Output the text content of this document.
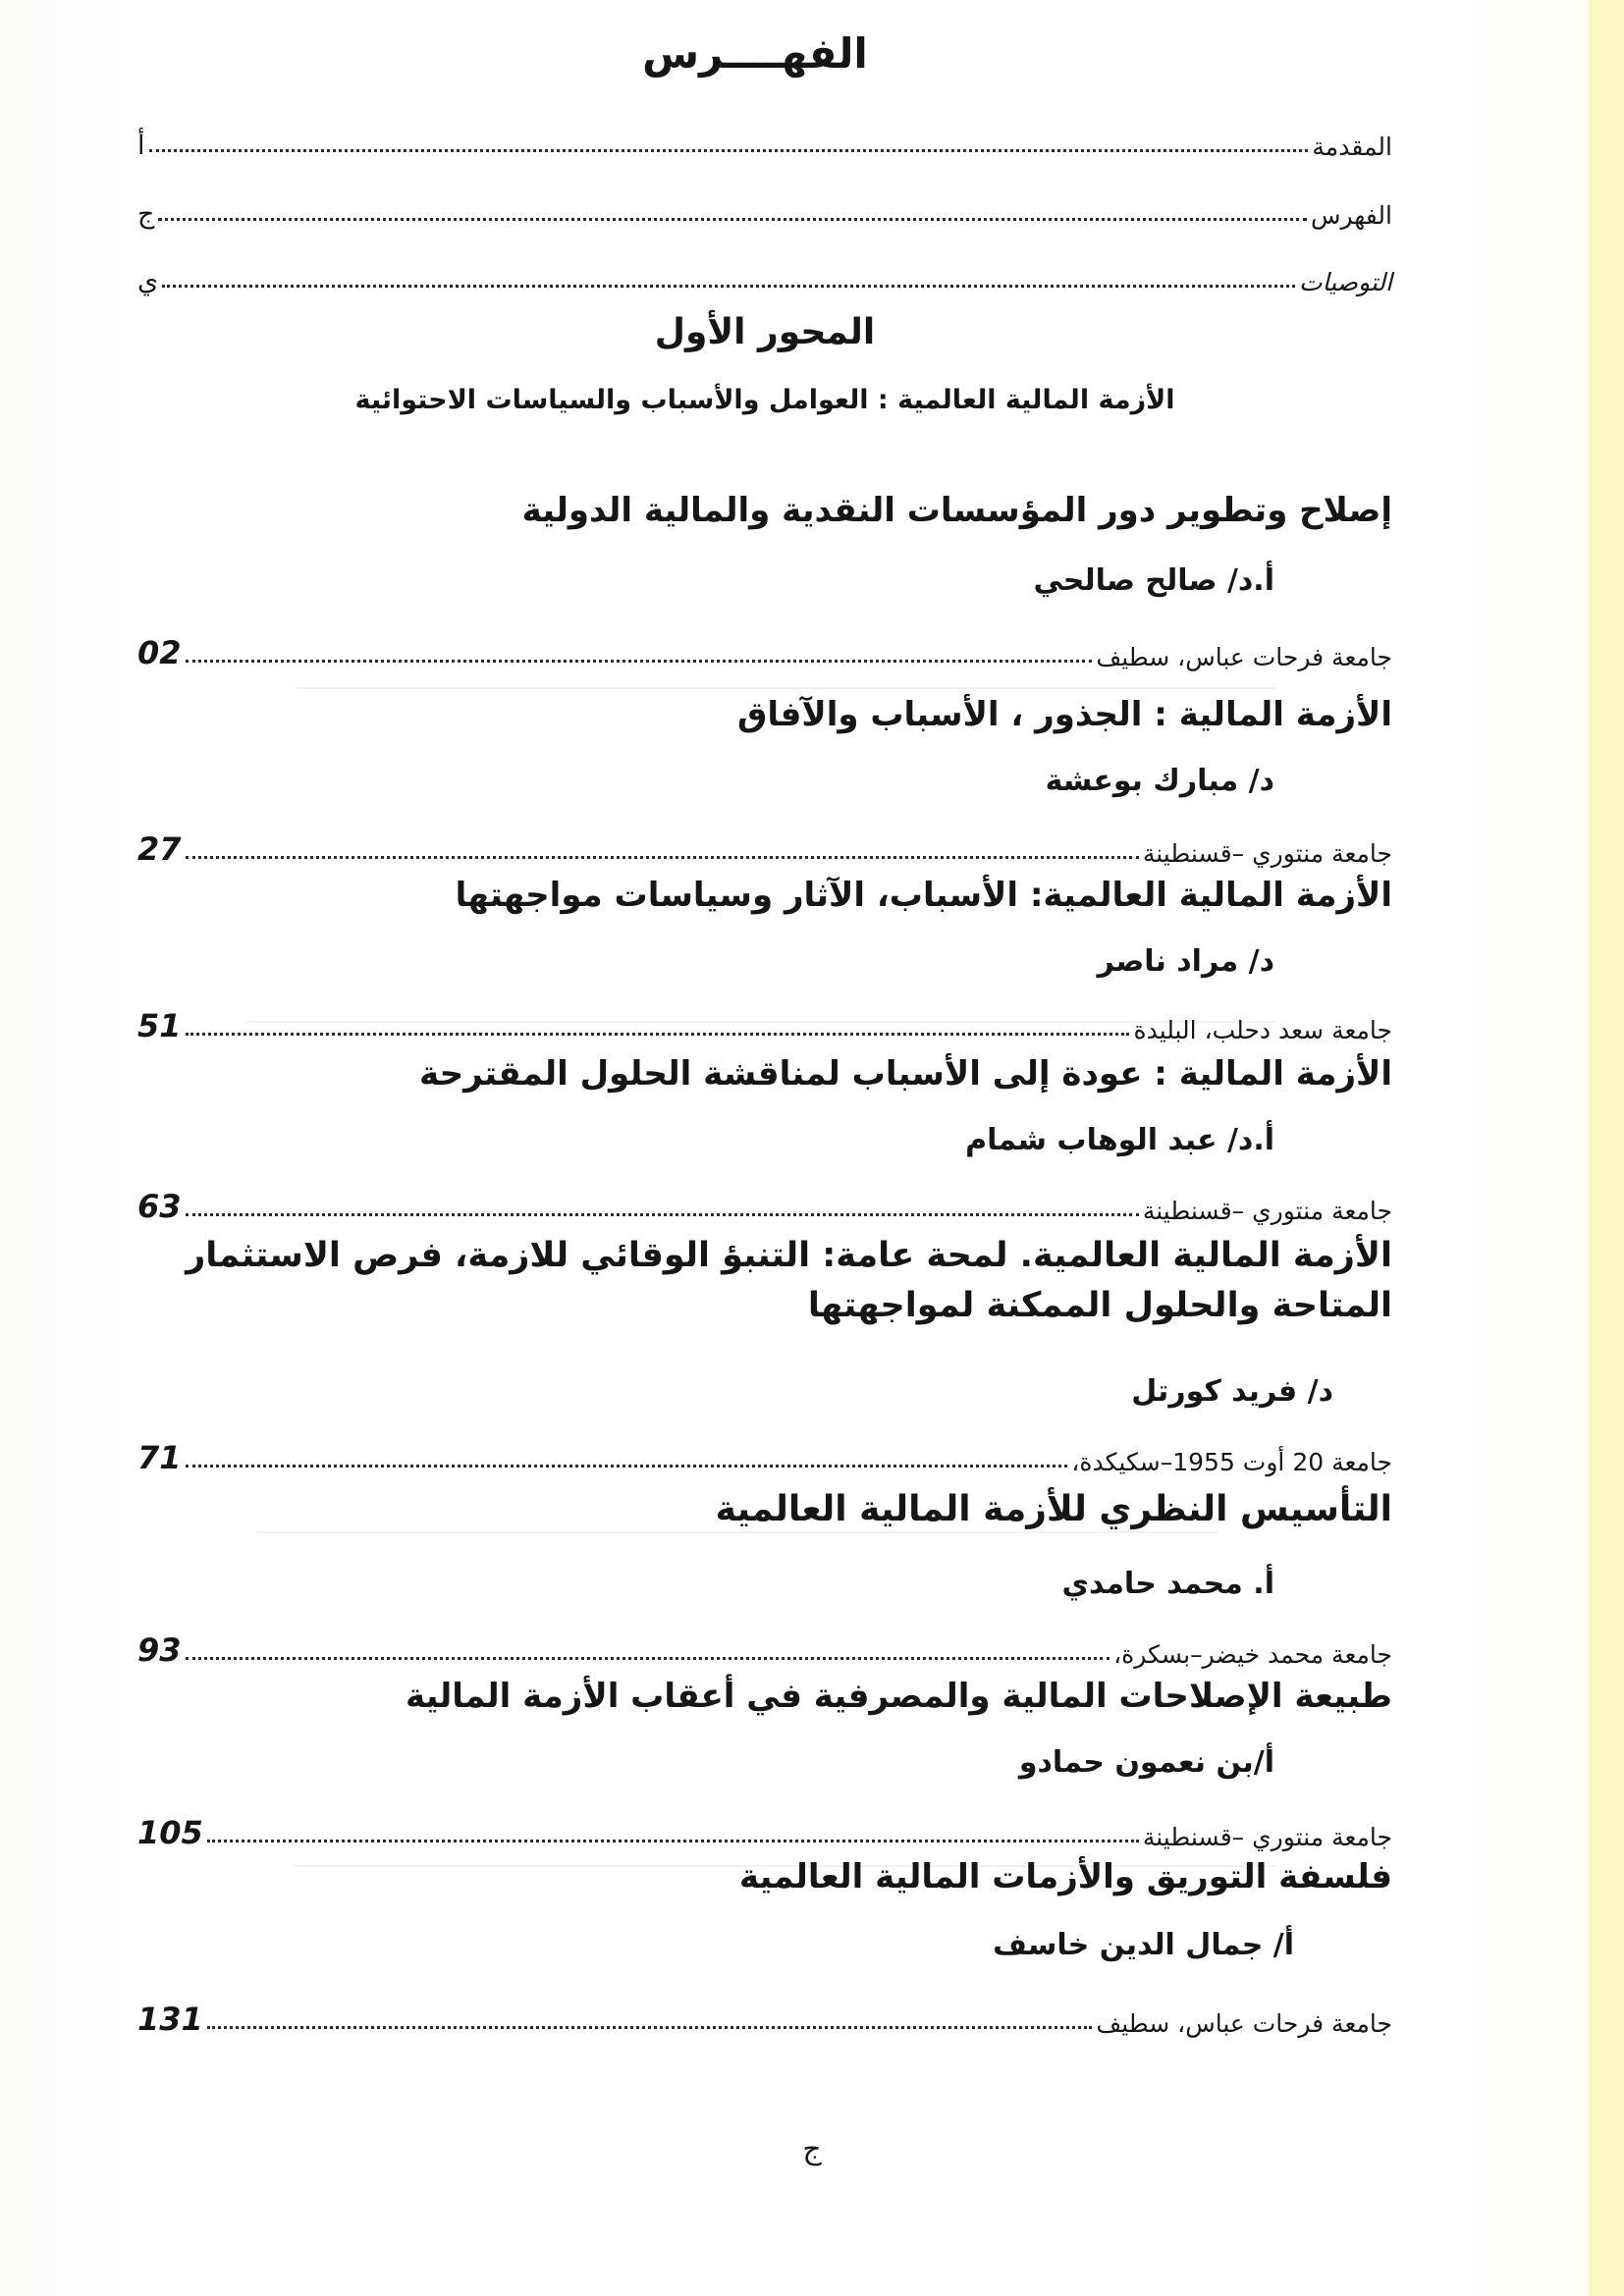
الفهــــرس
المقدمة
أ
الفهرس
ج
التوصيات
ي
المحور الأول
الأزمة المالية العالمية : العوامل والأسباب والسياسات الاحتوائية
إصلاح وتطوير دور المؤسسات النقدية والمالية الدولية
أ.د/ صالح صالحي
جامعة فرحات عباس، سطيف
02
الأزمة المالية : الجذور ، الأسباب والآفاق
د/ مبارك بوعشة
جامعة منتوري –قسنطينة
27
الأزمة المالية العالمية: الأسباب، الآثار وسياسات مواجهتها
د/ مراد ناصر
جامعة سعد دحلب، البليدة
51
الأزمة المالية : عودة إلى الأسباب لمناقشة الحلول المقترحة
أ.د/ عبد الوهاب شمام
جامعة منتوري –قسنطينة
63
الأزمة المالية العالمية. لمحة عامة: التنبؤ الوقائي للازمة، فرص الاستثمار المتاحة والحلول الممكنة لمواجهتها
د/ فريد كورتل
جامعة 20 أوت 1955–سكيكدة،
71
التأسيس النظري للأزمة المالية العالمية
أ. محمد حامدي
جامعة محمد خيضر–بسكرة،
93
طبيعة الإصلاحات المالية والمصرفية في أعقاب الأزمة المالية
أ/بن نعمون حمادو
جامعة منتوري –قسنطينة
105
فلسفة التوريق والأزمات المالية العالمية
أ/ جمال الدين خاسف
جامعة فرحات عباس، سطيف
131
ج
